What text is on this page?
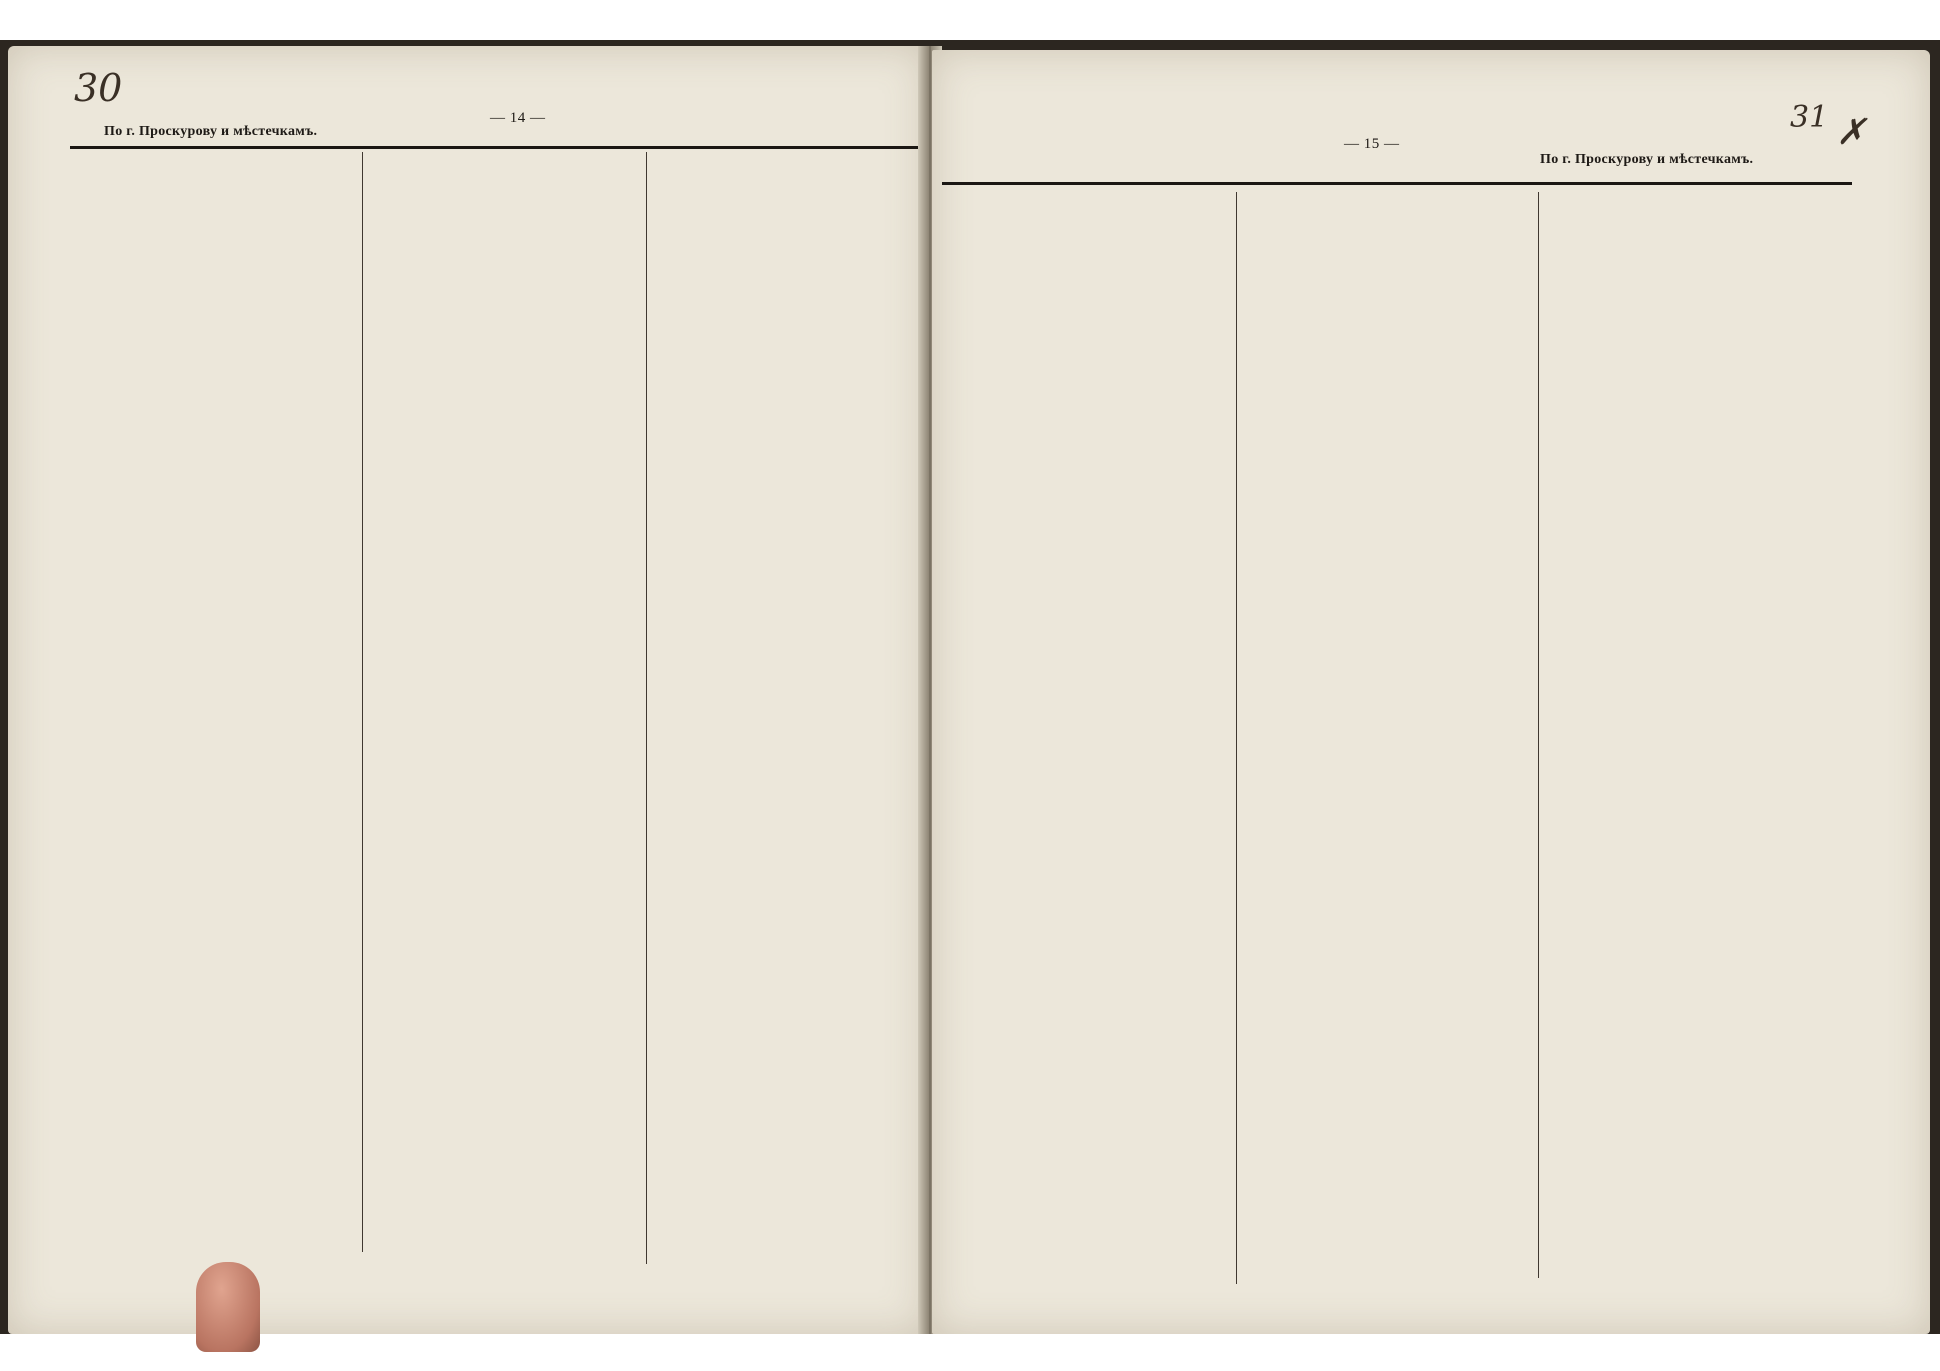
30
По г. Проскурову и мѣстечкамъ.
— 14 —	31 ✗
— 15 —
По г. Проскурову и мѣстечкамъ.
